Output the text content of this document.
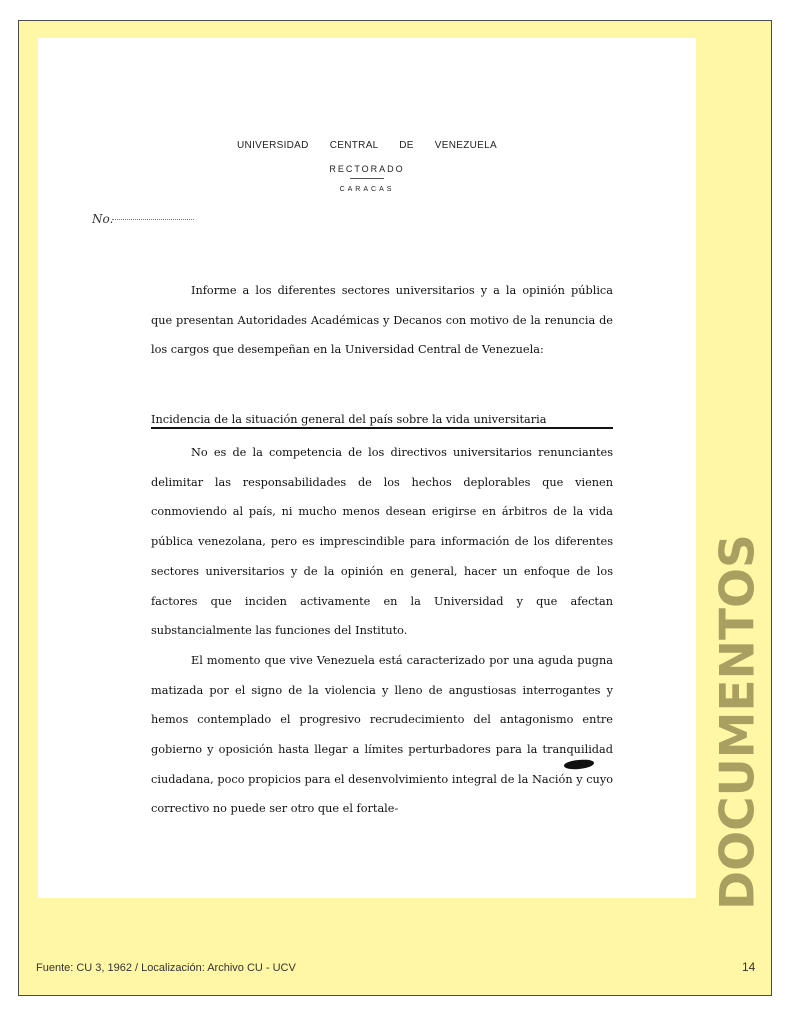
UNIVERSIDAD CENTRAL DE VENEZUELA
RECTORADO
CARACAS
No.

Informe a los diferentes sectores universitarios y a la opinión pública que presentan Autoridades Académicas y Decanos con motivo de la renuncia de los cargos que desempeñan en la Universidad Central de Venezuela:

Incidencia de la situación general del país sobre la vida universitaria

No es de la competencia de los directivos universitarios renunciantes delimitar las responsabilidades de los hechos deplorables que vienen conmoviendo al país, ni mucho menos desean erigirse en árbitros de la vida pública venezolana, pero es imprescindible para información de los diferentes sectores universitarios y de la opinión en general, hacer un enfoque de los factores que inciden activamente en la Universidad y que afectan substancialmente las funciones del Instituto.

El momento que vive Venezuela está caracterizado por una aguda pugna matizada por el signo de la violencia y lleno de angustiosas interrogantes y hemos contemplado el progresivo recrudecimiento del antagonismo entre gobierno y oposición hasta llegar a límites perturbadores para la tranquilidad ciudadana, poco propicios para el desenvolvimiento integral de la Nación y cuyo correctivo no puede ser otro que el fortale-	DOCUMENTOS
Fuente: CU 3, 1962 / Localización: Archivo CU - UCV	14
